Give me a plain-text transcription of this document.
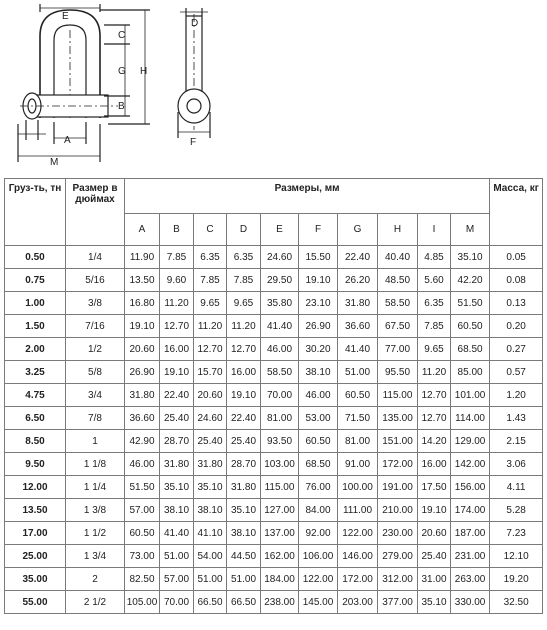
E
C
G H
B
A
M
D
F
Груз-ть, тн	Размер в дюймах	Размеры, мм										Масса, кг
		A	B	C	D	E	F	G	H	I	M	
0.50	1/4	11.90	7.85	6.35	6.35	24.60	15.50	22.40	40.40	4.85	35.10	0.05
0.75	5/16	13.50	9.60	7.85	7.85	29.50	19.10	26.20	48.50	5.60	42.20	0.08
1.00	3/8	16.80	11.20	9.65	9.65	35.80	23.10	31.80	58.50	6.35	51.50	0.13
1.50	7/16	19.10	12.70	11.20	11.20	41.40	26.90	36.60	67.50	7.85	60.50	0.20
2.00	1/2	20.60	16.00	12.70	12.70	46.00	30.20	41.40	77.00	9.65	68.50	0.27
3.25	5/8	26.90	19.10	15.70	16.00	58.50	38.10	51.00	95.50	11.20	85.00	0.57
4.75	3/4	31.80	22.40	20.60	19.10	70.00	46.00	60.50	115.00	12.70	101.00	1.20
6.50	7/8	36.60	25.40	24.60	22.40	81.00	53.00	71.50	135.00	12.70	114.00	1.43
8.50	1	42.90	28.70	25.40	25.40	93.50	60.50	81.00	151.00	14.20	129.00	2.15
9.50	1 1/8	46.00	31.80	31.80	28.70	103.00	68.50	91.00	172.00	16.00	142.00	3.06
12.00	1 1/4	51.50	35.10	35.10	31.80	115.00	76.00	100.00	191.00	17.50	156.00	4.11
13.50	1 3/8	57.00	38.10	38.10	35.10	127.00	84.00	111.00	210.00	19.10	174.00	5.28
17.00	1 1/2	60.50	41.40	41.10	38.10	137.00	92.00	122.00	230.00	20.60	187.00	7.23
25.00	1 3/4	73.00	51.00	54.00	44.50	162.00	106.00	146.00	279.00	25.40	231.00	12.10
35.00	2	82.50	57.00	51.00	51.00	184.00	122.00	172.00	312.00	31.00	263.00	19.20
55.00	2 1/2	105.00	70.00	66.50	66.50	238.00	145.00	203.00	377.00	35.10	330.00	32.50
